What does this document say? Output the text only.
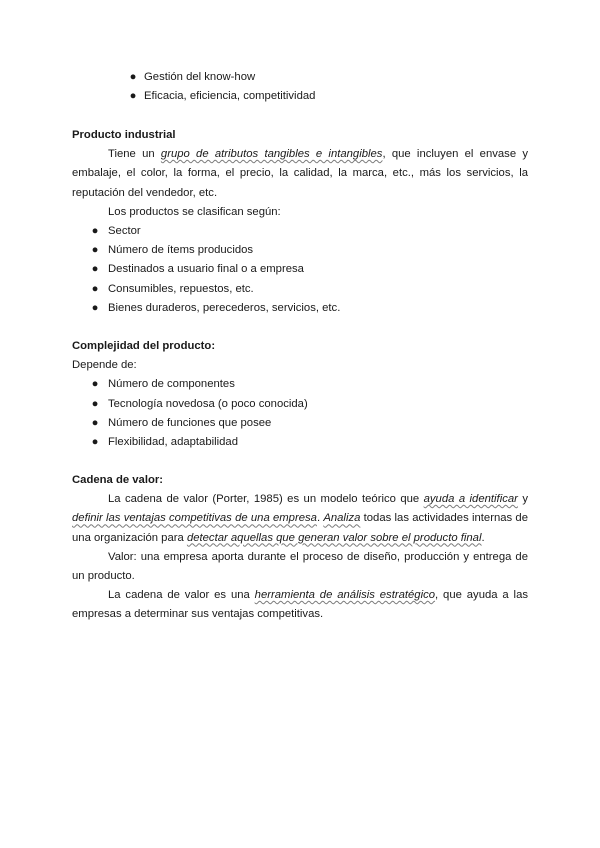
● Gestión del know-how
● Eficacia, eficiencia, competitividad

Producto industrial

Tiene un grupo de atributos tangibles e intangibles, que incluyen el envase y embalaje, el color, la forma, el precio, la calidad, la marca, etc., más los servicios, la reputación del vendedor, etc.

Los productos se clasifican según:

● Sector
● Número de ítems producidos
● Destinados a usuario final o a empresa
● Consumibles, repuestos, etc.
● Bienes duraderos, perecederos, servicios, etc.

Complejidad del producto:

Depende de:

● Número de componentes
● Tecnología novedosa (o poco conocida)
● Número de funciones que posee
● Flexibilidad, adaptabilidad

Cadena de valor:

La cadena de valor (Porter, 1985) es un modelo teórico que ayuda a identificar y definir las ventajas competitivas de una empresa. Analiza todas las actividades internas de una organización para detectar aquellas que generan valor sobre el producto final.

Valor: una empresa aporta durante el proceso de diseño, producción y entrega de un producto.

La cadena de valor es una herramienta de análisis estratégico, que ayuda a las empresas a determinar sus ventajas competitivas.
